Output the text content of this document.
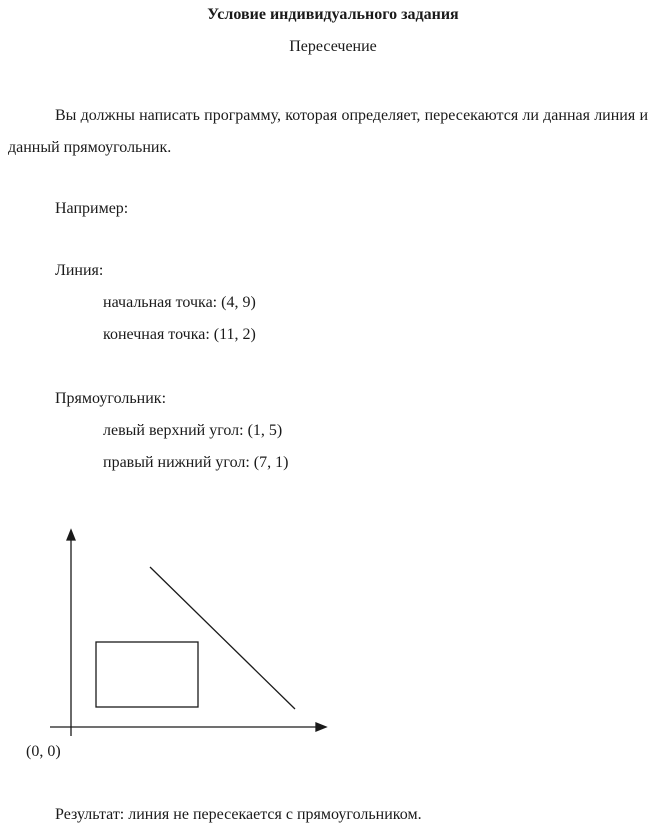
Условие индивидуального задания
Пересечение
Вы должны написать программу, которая определяет, пересекаются ли данная линия и данный прямоугольник.
Например:
Линия:
начальная точка: (4, 9)
конечная точка: (11, 2)
Прямоугольник:
левый верхний угол: (1, 5)
правый нижний угол: (7, 1)
(0, 0)
Результат: линия не пересекается с прямоугольником.
